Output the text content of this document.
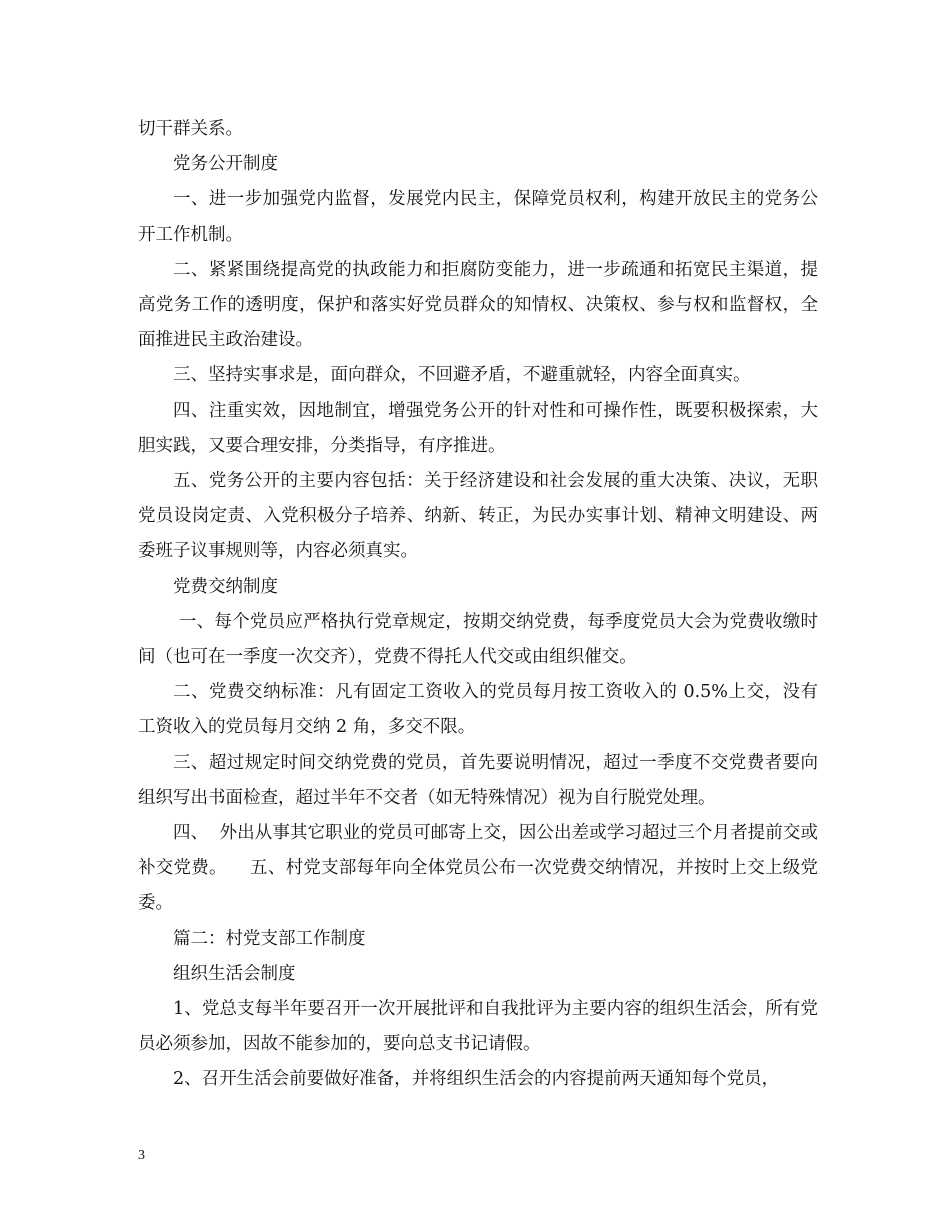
切干群关系。

党务公开制度

一、进一步加强党内监督，发展党内民主，保障党员权利，构建开放民主的党务公开工作机制。

二、紧紧围绕提高党的执政能力和拒腐防变能力，进一步疏通和拓宽民主渠道，提高党务工作的透明度，保护和落实好党员群众的知情权、决策权、参与权和监督权，全面推进民主政治建设。

三、坚持实事求是，面向群众，不回避矛盾，不避重就轻，内容全面真实。

四、注重实效，因地制宜，增强党务公开的针对性和可操作性，既要积极探索，大胆实践，又要合理安排，分类指导，有序推进。

五、党务公开的主要内容包括：关于经济建设和社会发展的重大决策、决议，无职党员设岗定责、入党积极分子培养、纳新、转正，为民办实事计划、精神文明建设、两委班子议事规则等，内容必须真实。

党费交纳制度

一、每个党员应严格执行党章规定，按期交纳党费，每季度党员大会为党费收缴时间（也可在一季度一次交齐），党费不得托人代交或由组织催交。

二、党费交纳标准：凡有固定工资收入的党员每月按工资收入的 0.5%上交，没有工资收入的党员每月交纳 2 角，多交不限。

三、超过规定时间交纳党费的党员，首先要说明情况，超过一季度不交党费者要向组织写出书面检查，超过半年不交者（如无特殊情况）视为自行脱党处理。

四、  外出从事其它职业的党员可邮寄上交，因公出差或学习超过三个月者提前交或补交党费。    五、村党支部每年向全体党员公布一次党费交纳情况，并按时上交上级党委。

篇二：村党支部工作制度

组织生活会制度

1、党总支每半年要召开一次开展批评和自我批评为主要内容的组织生活会，所有党员必须参加，因故不能参加的，要向总支书记请假。

2、召开生活会前要做好准备，并将组织生活会的内容提前两天通知每个党员，

3
